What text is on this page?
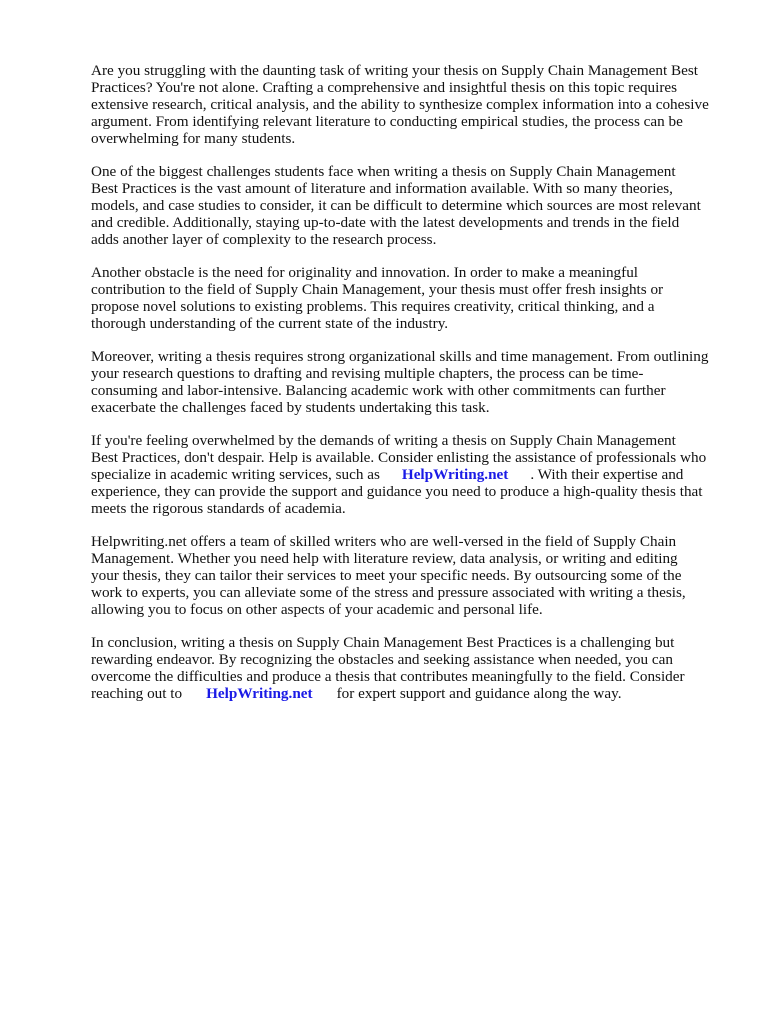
Are you struggling with the daunting task of writing your thesis on Supply Chain Management Best
Practices? You're not alone. Crafting a comprehensive and insightful thesis on this topic requires
extensive research, critical analysis, and the ability to synthesize complex information into a cohesive
argument. From identifying relevant literature to conducting empirical studies, the process can be
overwhelming for many students.

One of the biggest challenges students face when writing a thesis on Supply Chain Management
Best Practices is the vast amount of literature and information available. With so many theories,
models, and case studies to consider, it can be difficult to determine which sources are most relevant
and credible. Additionally, staying up-to-date with the latest developments and trends in the field
adds another layer of complexity to the research process.

Another obstacle is the need for originality and innovation. In order to make a meaningful
contribution to the field of Supply Chain Management, your thesis must offer fresh insights or
propose novel solutions to existing problems. This requires creativity, critical thinking, and a
thorough understanding of the current state of the industry.

Moreover, writing a thesis requires strong organizational skills and time management. From outlining
your research questions to drafting and revising multiple chapters, the process can be time-
consuming and labor-intensive. Balancing academic work with other commitments can further
exacerbate the challenges faced by students undertaking this task.

If you're feeling overwhelmed by the demands of writing a thesis on Supply Chain Management
Best Practices, don't despair. Help is available. Consider enlisting the assistance of professionals who
specialize in academic writing services, such as HelpWriting.net . With their expertise and
experience, they can provide the support and guidance you need to produce a high-quality thesis that
meets the rigorous standards of academia.

Helpwriting.net offers a team of skilled writers who are well-versed in the field of Supply Chain
Management. Whether you need help with literature review, data analysis, or writing and editing
your thesis, they can tailor their services to meet your specific needs. By outsourcing some of the
work to experts, you can alleviate some of the stress and pressure associated with writing a thesis,
allowing you to focus on other aspects of your academic and personal life.

In conclusion, writing a thesis on Supply Chain Management Best Practices is a challenging but
rewarding endeavor. By recognizing the obstacles and seeking assistance when needed, you can
overcome the difficulties and produce a thesis that contributes meaningfully to the field. Consider
reaching out to HelpWriting.net for expert support and guidance along the way.
